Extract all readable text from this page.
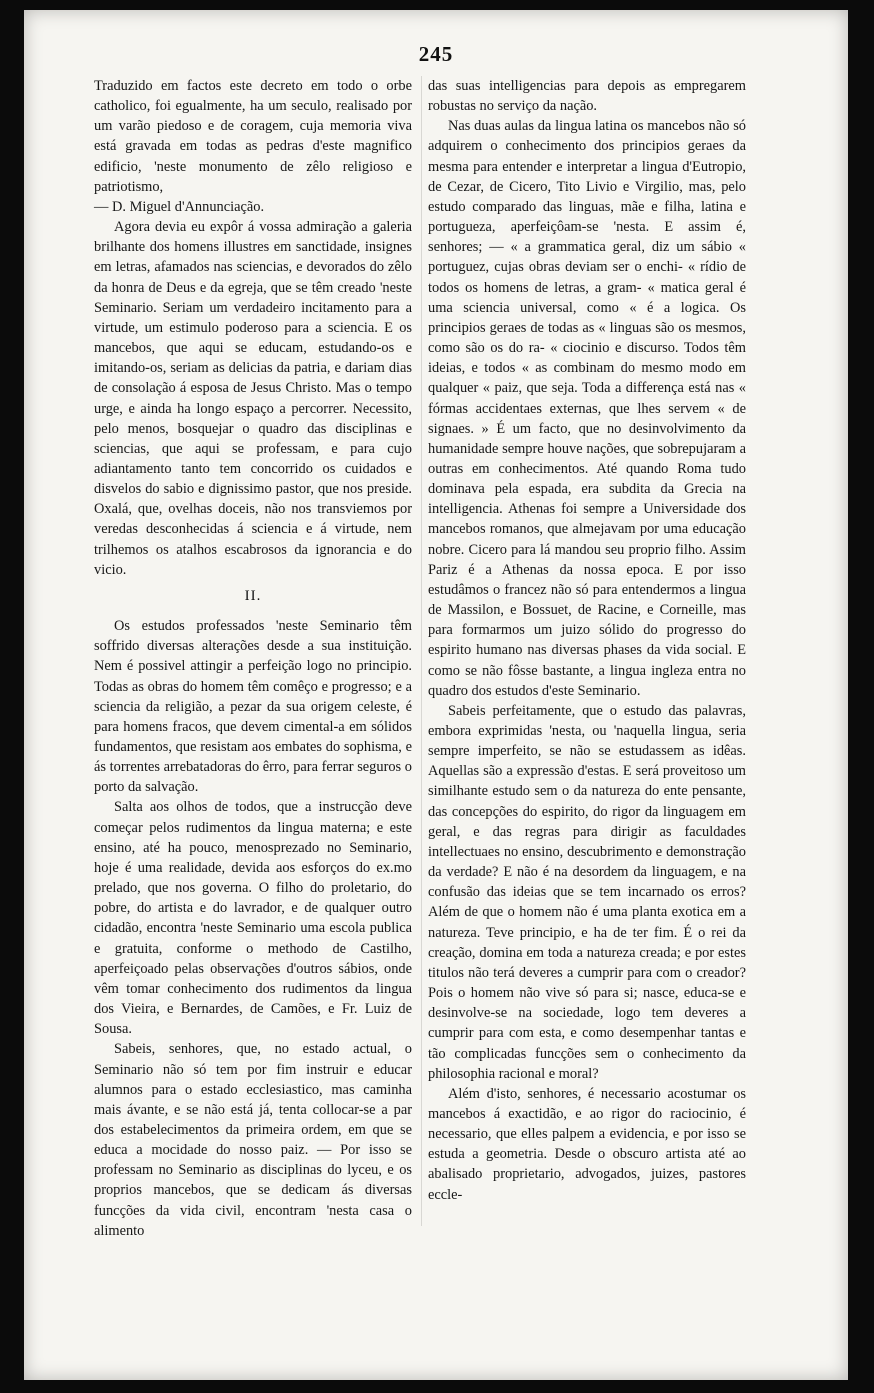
245

Traduzido em factos este decreto em todo o orbe catholico, foi egualmente, ha um seculo, realisado por um varão piedoso e de coragem, cuja memoria viva está gravada em todas as pedras d'este magnifico edificio, 'neste monumento de zêlo religioso e patriotismo,

— D. Miguel d'Annunciação.

Agora devia eu expôr á vossa admiração a galeria brilhante dos homens illustres em sanctidade, insignes em letras, afamados nas sciencias, e devorados do zêlo da honra de Deus e da egreja, que se têm creado 'neste Seminario. Seriam um verdadeiro incitamento para a virtude, um estimulo poderoso para a sciencia. E os mancebos, que aqui se educam, estudando-os e imitando-os, seriam as delicias da patria, e dariam dias de consolação á esposa de Jesus Christo. Mas o tempo urge, e ainda ha longo espaço a percorrer. Necessito, pelo menos, bosquejar o quadro das disciplinas e sciencias, que aqui se professam, e para cujo adiantamento tanto tem concorrido os cuidados e disvelos do sabio e dignissimo pastor, que nos preside. Oxalá, que, ovelhas doceis, não nos transviemos por veredas desconhecidas á sciencia e á virtude, nem trilhemos os atalhos escabrosos da ignorancia e do vicio.

II.

Os estudos professados 'neste Seminario têm soffrido diversas alterações desde a sua instituição. Nem é possivel attingir a perfeição logo no principio. Todas as obras do homem têm comêço e progresso; e a sciencia da religião, a pezar da sua origem celeste, é para homens fracos, que devem cimental-a em sólidos fundamentos, que resistam aos embates do sophisma, e ás torrentes arrebatadoras do êrro, para ferrar seguros o porto da salvação.

Salta aos olhos de todos, que a instrucção deve começar pelos rudimentos da lingua materna; e este ensino, até ha pouco, menosprezado no Seminario, hoje é uma realidade, devida aos esforços do ex.mo prelado, que nos governa. O filho do proletario, do pobre, do artista e do lavrador, e de qualquer outro cidadão, encontra 'neste Seminario uma escola publica e gratuita, conforme o methodo de Castilho, aperfeiçoado pelas observações d'outros sábios, onde vêm tomar conhecimento dos rudimentos da lingua dos Vieira, e Bernardes, de Camões, e Fr. Luiz de Sousa.

Sabeis, senhores, que, no estado actual, o Seminario não só tem por fim instruir e educar alumnos para o estado ecclesiastico, mas caminha mais ávante, e se não está já, tenta collocar-se a par dos estabelecimentos da primeira ordem, em que se educa a mocidade do nosso paiz. — Por isso se professam no Seminario as disciplinas do lyceu, e os proprios mancebos, que se dedicam ás diversas funcções da vida civil, encontram 'nesta casa o alimento

das suas intelligencias para depois as empregarem robustas no serviço da nação.

Nas duas aulas da lingua latina os mancebos não só adquirem o conhecimento dos principios geraes da mesma para entender e interpretar a lingua d'Eutropio, de Cezar, de Cicero, Tito Livio e Virgilio, mas, pelo estudo comparado das linguas, mãe e filha, latina e portugueza, aperfeiçôam-se 'nesta. E assim é, senhores; — « a grammatica geral, diz um sábio « portuguez, cujas obras deviam ser o enchi- « rídio de todos os homens de letras, a gram- « matica geral é uma sciencia universal, como « é a logica. Os principios geraes de todas as « linguas são os mesmos, como são os do ra- « ciocinio e discurso. Todos têm ideias, e todos « as combinam do mesmo modo em qualquer « paiz, que seja. Toda a differença está nas « fórmas accidentaes externas, que lhes servem « de signaes. » É um facto, que no desinvolvimento da humanidade sempre houve nações, que sobrepujaram a outras em conhecimentos. Até quando Roma tudo dominava pela espada, era subdita da Grecia na intelligencia. Athenas foi sempre a Universidade dos mancebos romanos, que almejavam por uma educação nobre. Cicero para lá mandou seu proprio filho. Assim Pariz é a Athenas da nossa epoca. E por isso estudâmos o francez não só para entendermos a lingua de Massilon, e Bossuet, de Racine, e Corneille, mas para formarmos um juizo sólido do progresso do espirito humano nas diversas phases da vida social. E como se não fôsse bastante, a lingua ingleza entra no quadro dos estudos d'este Seminario.

Sabeis perfeitamente, que o estudo das palavras, embora exprimidas 'nesta, ou 'naquella lingua, seria sempre imperfeito, se não se estudassem as idêas. Aquellas são a expressão d'estas. E será proveitoso um similhante estudo sem o da natureza do ente pensante, das concepções do espirito, do rigor da linguagem em geral, e das regras para dirigir as faculdades intellectuaes no ensino, descubrimento e demonstração da verdade? E não é na desordem da linguagem, e na confusão das ideias que se tem incarnado os erros? Além de que o homem não é uma planta exotica em a natureza. Teve principio, e ha de ter fim. É o rei da creação, domina em toda a natureza creada; e por estes titulos não terá deveres a cumprir para com o creador? Pois o homem não vive só para si; nasce, educa-se e desinvolve-se na sociedade, logo tem deveres a cumprir para com esta, e como desempenhar tantas e tão complicadas funcções sem o conhecimento da philosophia racional e moral?

Além d'isto, senhores, é necessario acostumar os mancebos á exactidão, e ao rigor do raciocinio, é necessario, que elles palpem a evidencia, e por isso se estuda a geometria. Desde o obscuro artista até ao abalisado proprietario, advogados, juizes, pastores eccle-
